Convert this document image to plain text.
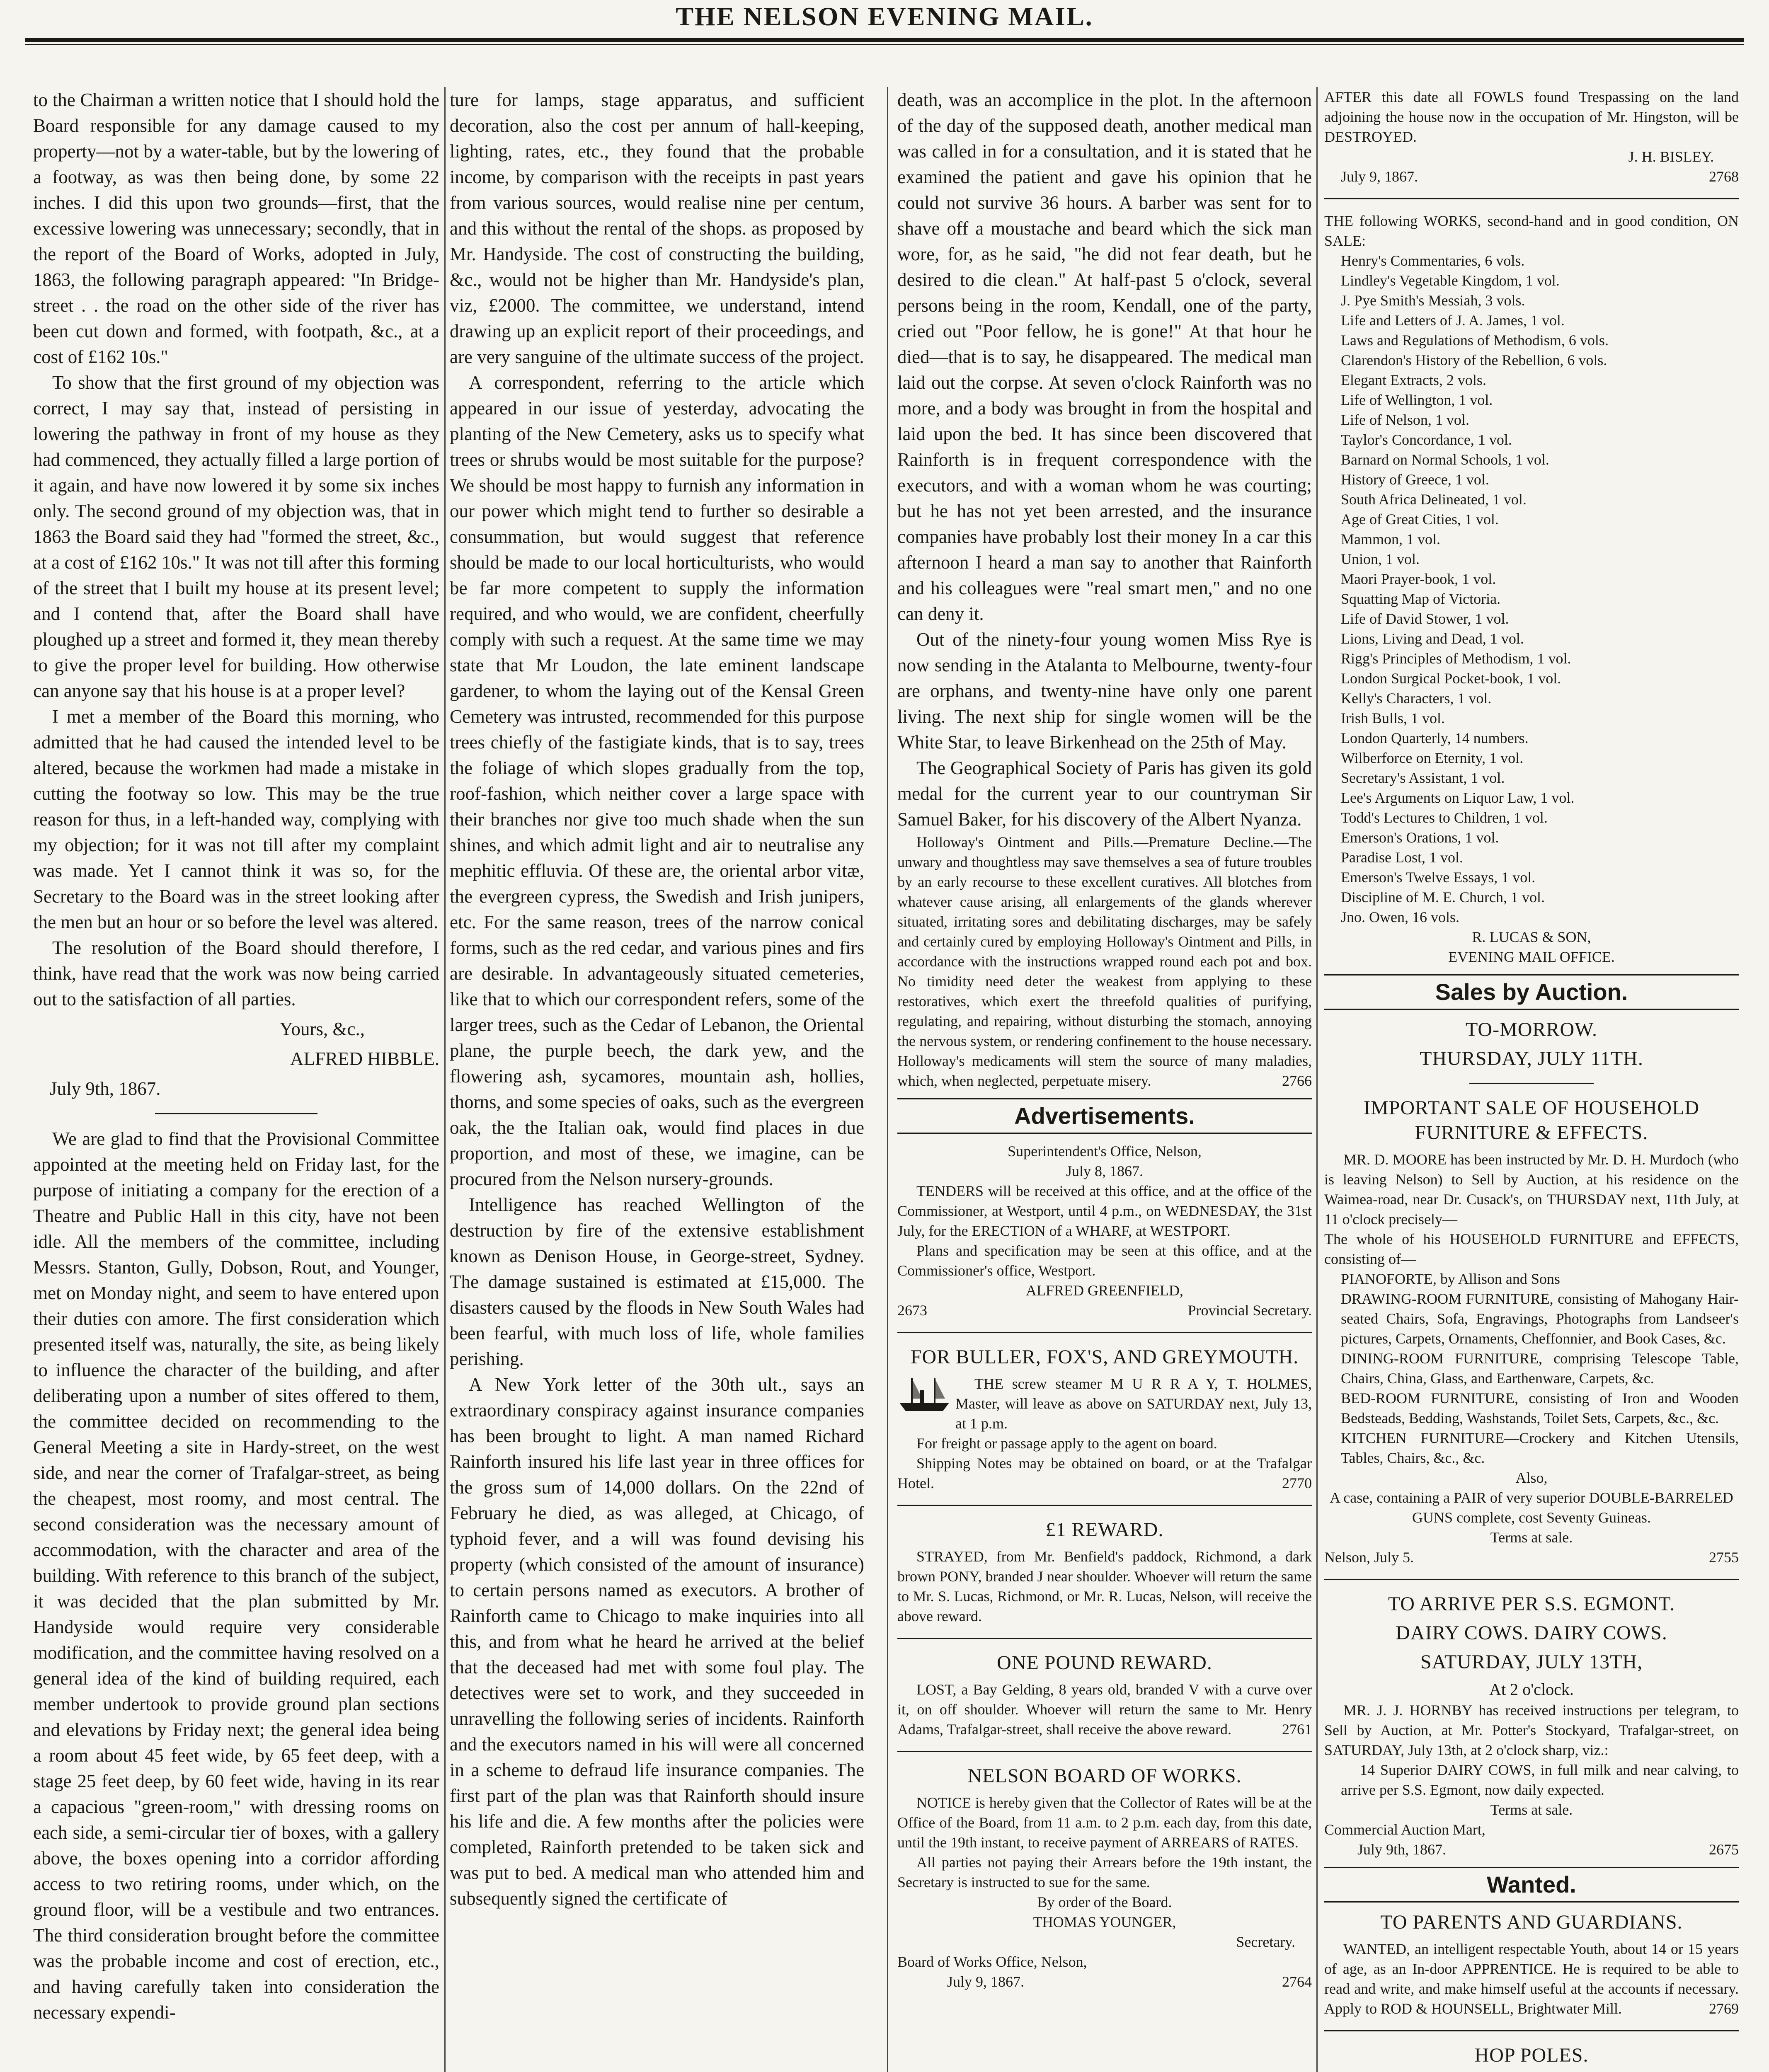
THE NELSON EVENING MAIL.

to the Chairman a written notice that I should hold the Board responsible for any damage caused to my property—not by a water-table, but by the lowering of a footway, as was then being done, by some 22 inches. I did this upon two grounds—first, that the excessive lowering was unnecessary; secondly, that in the report of the Board of Works, adopted in July, 1863, the following paragraph appeared: "In Bridge-street . . the road on the other side of the river has been cut down and formed, with footpath, &c., at a cost of £162 10s."

To show that the first ground of my objection was correct, I may say that, instead of persisting in lowering the pathway in front of my house as they had commenced, they actually filled a large portion of it again, and have now lowered it by some six inches only. The second ground of my objection was, that in 1863 the Board said they had "formed the street, &c., at a cost of £162 10s." It was not till after this forming of the street that I built my house at its present level; and I contend that, after the Board shall have ploughed up a street and formed it, they mean thereby to give the proper level for building. How otherwise can anyone say that his house is at a proper level?

I met a member of the Board this morning, who admitted that he had caused the intended level to be altered, because the workmen had made a mistake in cutting the footway so low. This may be the true reason for thus, in a left-handed way, complying with my objection; for it was not till after my complaint was made. Yet I cannot think it was so, for the Secretary to the Board was in the street looking after the men but an hour or so before the level was altered.

The resolution of the Board should therefore, I think, have read that the work was now being carried out to the satisfaction of all parties.

Yours, &c.,
ALFRED HIBBLE.
July 9th, 1867.

We are glad to find that the Provisional Committee appointed at the meeting held on Friday last, for the purpose of initiating a company for the erection of a Theatre and Public Hall in this city, have not been idle. All the members of the committee, including Messrs. Stanton, Gully, Dobson, Rout, and Younger, met on Monday night, and seem to have entered upon their duties con amore. The first consideration which presented itself was, naturally, the site, as being likely to influence the character of the building, and after deliberating upon a number of sites offered to them, the committee decided on recommending to the General Meeting a site in Hardy-street, on the west side, and near the corner of Trafalgar-street, as being the cheapest, most roomy, and most central. The second consideration was the necessary amount of accommodation, with the character and area of the building. With reference to this branch of the subject, it was decided that the plan submitted by Mr. Handyside would require very considerable modification, and the committee having resolved on a general idea of the kind of building required, each member undertook to provide ground plan sections and elevations by Friday next; the general idea being a room about 45 feet wide, by 65 feet deep, with a stage 25 feet deep, by 60 feet wide, having in its rear a capacious "green-room," with dressing rooms on each side, a semi-circular tier of boxes, with a gallery above, the boxes opening into a corridor affording access to two retiring rooms, under which, on the ground floor, will be a vestibule and two entrances. The third consideration brought before the committee was the probable income and cost of erection, etc., and having carefully taken into consideration the necessary expendi-

ture for lamps, stage apparatus, and sufficient decoration, also the cost per annum of hall-keeping, lighting, rates, etc., they found that the probable income, by comparison with the receipts in past years from various sources, would realise nine per centum, and this without the rental of the shops. as proposed by Mr. Handyside. The cost of constructing the building, &c., would not be higher than Mr. Handyside's plan, viz, £2000. The committee, we understand, intend drawing up an explicit report of their proceedings, and are very sanguine of the ultimate success of the project.

A correspondent, referring to the article which appeared in our issue of yesterday, advocating the planting of the New Cemetery, asks us to specify what trees or shrubs would be most suitable for the purpose? We should be most happy to furnish any information in our power which might tend to further so desirable a consummation, but would suggest that reference should be made to our local horticulturists, who would be far more competent to supply the information required, and who would, we are confident, cheerfully comply with such a request. At the same time we may state that Mr Loudon, the late eminent landscape gardener, to whom the laying out of the Kensal Green Cemetery was intrusted, recommended for this purpose trees chiefly of the fastigiate kinds, that is to say, trees the foliage of which slopes gradually from the top, roof-fashion, which neither cover a large space with their branches nor give too much shade when the sun shines, and which admit light and air to neutralise any mephitic effluvia. Of these are, the oriental arbor vitæ, the evergreen cypress, the Swedish and Irish junipers, etc. For the same reason, trees of the narrow conical forms, such as the red cedar, and various pines and firs are desirable. In advantageously situated cemeteries, like that to which our correspondent refers, some of the larger trees, such as the Cedar of Lebanon, the Oriental plane, the purple beech, the dark yew, and the flowering ash, sycamores, mountain ash, hollies, thorns, and some species of oaks, such as the evergreen oak, the the Italian oak, would find places in due proportion, and most of these, we imagine, can be procured from the Nelson nursery-grounds.

Intelligence has reached Wellington of the destruction by fire of the extensive establishment known as Denison House, in George-street, Sydney. The damage sustained is estimated at £15,000. The disasters caused by the floods in New South Wales had been fearful, with much loss of life, whole families perishing.

A New York letter of the 30th ult., says an extraordinary conspiracy against insurance companies has been brought to light. A man named Richard Rainforth insured his life last year in three offices for the gross sum of 14,000 dollars. On the 22nd of February he died, as was alleged, at Chicago, of typhoid fever, and a will was found devising his property (which consisted of the amount of insurance) to certain persons named as executors. A brother of Rainforth came to Chicago to make inquiries into all this, and from what he heard he arrived at the belief that the deceased had met with some foul play. The detectives were set to work, and they succeeded in unravelling the following series of incidents. Rainforth and the executors named in his will were all concerned in a scheme to defraud life insurance companies. The first part of the plan was that Rainforth should insure his life and die. A few months after the policies were completed, Rainforth pretended to be taken sick and was put to bed. A medical man who attended him and subsequently signed the certificate of

death, was an accomplice in the plot. In the afternoon of the day of the supposed death, another medical man was called in for a consultation, and it is stated that he examined the patient and gave his opinion that he could not survive 36 hours. A barber was sent for to shave off a moustache and beard which the sick man wore, for, as he said, "he did not fear death, but he desired to die clean." At half-past 5 o'clock, several persons being in the room, Kendall, one of the party, cried out "Poor fellow, he is gone!" At that hour he died—that is to say, he disappeared. The medical man laid out the corpse. At seven o'clock Rainforth was no more, and a body was brought in from the hospital and laid upon the bed. It has since been discovered that Rainforth is in frequent correspondence with the executors, and with a woman whom he was courting; but he has not yet been arrested, and the insurance companies have probably lost their money In a car this afternoon I heard a man say to another that Rainforth and his colleagues were "real smart men," and no one can deny it.

Out of the ninety-four young women Miss Rye is now sending in the Atalanta to Melbourne, twenty-four are orphans, and twenty-nine have only one parent living. The next ship for single women will be the White Star, to leave Birkenhead on the 25th of May.

The Geographical Society of Paris has given its gold medal for the current year to our countryman Sir Samuel Baker, for his discovery of the Albert Nyanza.

Holloway's Ointment and Pills.—Premature Decline.—The unwary and thoughtless may save themselves a sea of future troubles by an early recourse to these excellent curatives. All blotches from whatever cause arising, all enlargements of the glands wherever situated, irritating sores and debilitating discharges, may be safely and certainly cured by employing Holloway's Ointment and Pills, in accordance with the instructions wrapped round each pot and box. No timidity need deter the weakest from applying to these restoratives, which exert the threefold qualities of purifying, regulating, and repairing, without disturbing the stomach, annoying the nervous system, or rendering confinement to the house necessary. Holloway's medicaments will stem the source of many maladies, which, when neglected, perpetuate misery.	2766

Advertisements.
Superintendent's Office, Nelson,
July 8, 1867.

TENDERS will be received at this office, and at the office of the Commissioner, at Westport, until 4 p.m., on WEDNESDAY, the 31st July, for the ERECTION of a WHARF, at WESTPORT.

Plans and specification may be seen at this office, and at the Commissioner's office, Westport.

ALFRED GREENFIELD,
2673	Provincial Secretary.
FOR BULLER, FOX'S, AND GREYMOUTH.

THE screw steamer M U R R A Y, T. HOLMES, Master, will leave as above on SATURDAY next, July 13, at 1 p.m.

For freight or passage apply to the agent on board.

Shipping Notes may be obtained on board, or at the Trafalgar Hotel.	2770

£1 REWARD.

STRAYED, from Mr. Benfield's paddock, Richmond, a dark brown PONY, branded J near shoulder. Whoever will return the same to Mr. S. Lucas, Richmond, or Mr. R. Lucas, Nelson, will receive the above reward.

ONE POUND REWARD.

LOST, a Bay Gelding, 8 years old, branded V with a curve over it, on off shoulder. Whoever will return the same to Mr. Henry Adams, Trafalgar-street, shall receive the above reward.	2761

NELSON BOARD OF WORKS.

NOTICE is hereby given that the Collector of Rates will be at the Office of the Board, from 11 a.m. to 2 p.m. each day, from this date, until the 19th instant, to receive payment of ARREARS of RATES.

All parties not paying their Arrears before the 19th instant, the Secretary is instructed to sue for the same.

By order of the Board.
THOMAS YOUNGER,
Secretary.
Board of Works Office, Nelson,
July 9, 1867.	2764

AFTER this date all FOWLS found Trespassing on the land adjoining the house now in the occupation of Mr. Hingston, will be DESTROYED.

J. H. BISLEY.
July 9, 1867.	2768

THE following WORKS, second-hand and in good condition, ON SALE:

Henry's Commentaries, 6 vols.
Lindley's Vegetable Kingdom, 1 vol.
J. Pye Smith's Messiah, 3 vols.
Life and Letters of J. A. James, 1 vol.
Laws and Regulations of Methodism, 6 vols.
Clarendon's History of the Rebellion, 6 vols.
Elegant Extracts, 2 vols.
Life of Wellington, 1 vol.
Life of Nelson, 1 vol.
Taylor's Concordance, 1 vol.
Barnard on Normal Schools, 1 vol.
History of Greece, 1 vol.
South Africa Delineated, 1 vol.
Age of Great Cities, 1 vol.
Mammon, 1 vol.
Union, 1 vol.
Maori Prayer-book, 1 vol.
Squatting Map of Victoria.
Life of David Stower, 1 vol.
Lions, Living and Dead, 1 vol.
Rigg's Principles of Methodism, 1 vol.
London Surgical Pocket-book, 1 vol.
Kelly's Characters, 1 vol.
Irish Bulls, 1 vol.
London Quarterly, 14 numbers.
Wilberforce on Eternity, 1 vol.
Secretary's Assistant, 1 vol.
Lee's Arguments on Liquor Law, 1 vol.
Todd's Lectures to Children, 1 vol.
Emerson's Orations, 1 vol.
Paradise Lost, 1 vol.
Emerson's Twelve Essays, 1 vol.
Discipline of M. E. Church, 1 vol.
Jno. Owen, 16 vols.
R. LUCAS & SON,
EVENING MAIL OFFICE.
Sales by Auction.
TO-MORROW.
THURSDAY, JULY 11TH.
IMPORTANT SALE OF HOUSEHOLD FURNITURE & EFFECTS.

MR. D. MOORE has been instructed by Mr. D. H. Murdoch (who is leaving Nelson) to Sell by Auction, at his residence on the Waimea-road, near Dr. Cusack's, on THURSDAY next, 11th July, at 11 o'clock precisely—

The whole of his HOUSEHOLD FURNITURE and EFFECTS, consisting of—
PIANOFORTE, by Allison and Sons
DRAWING-ROOM FURNITURE, consisting of Mahogany Hair-seated Chairs, Sofa, Engravings, Photographs from Landseer's pictures, Carpets, Ornaments, Cheffonnier, and Book Cases, &c.
DINING-ROOM FURNITURE, comprising Telescope Table, Chairs, China, Glass, and Earthenware, Carpets, &c.
BED-ROOM FURNITURE, consisting of Iron and Wooden Bedsteads, Bedding, Washstands, Toilet Sets, Carpets, &c., &c.
KITCHEN FURNITURE—Crockery and Kitchen Utensils, Tables, Chairs, &c., &c.
Also,
A case, containing a PAIR of very superior DOUBLE-BARRELED GUNS complete, cost Seventy Guineas.
Terms at sale.
Nelson, July 5.	2755
TO ARRIVE PER S.S. EGMONT.
DAIRY COWS. DAIRY COWS.
SATURDAY, JULY 13TH,
At 2 o'clock.

MR. J. J. HORNBY has received instructions per telegram, to Sell by Auction, at Mr. Potter's Stockyard, Trafalgar-street, on SATURDAY, July 13th, at 2 o'clock sharp, viz.:

14 Superior DAIRY COWS, in full milk and near calving, to arrive per S.S. Egmont, now daily expected.

Terms at sale.
Commercial Auction Mart,
July 9th, 1867.	2675
Wanted.
TO PARENTS AND GUARDIANS.

WANTED, an intelligent respectable Youth, about 14 or 15 years of age, as an In-door APPRENTICE. He is required to be able to read and write, and make himself useful at the accounts if necessary. Apply to ROD & HOUNSELL, Brightwater Mill.	2769

HOP POLES.
